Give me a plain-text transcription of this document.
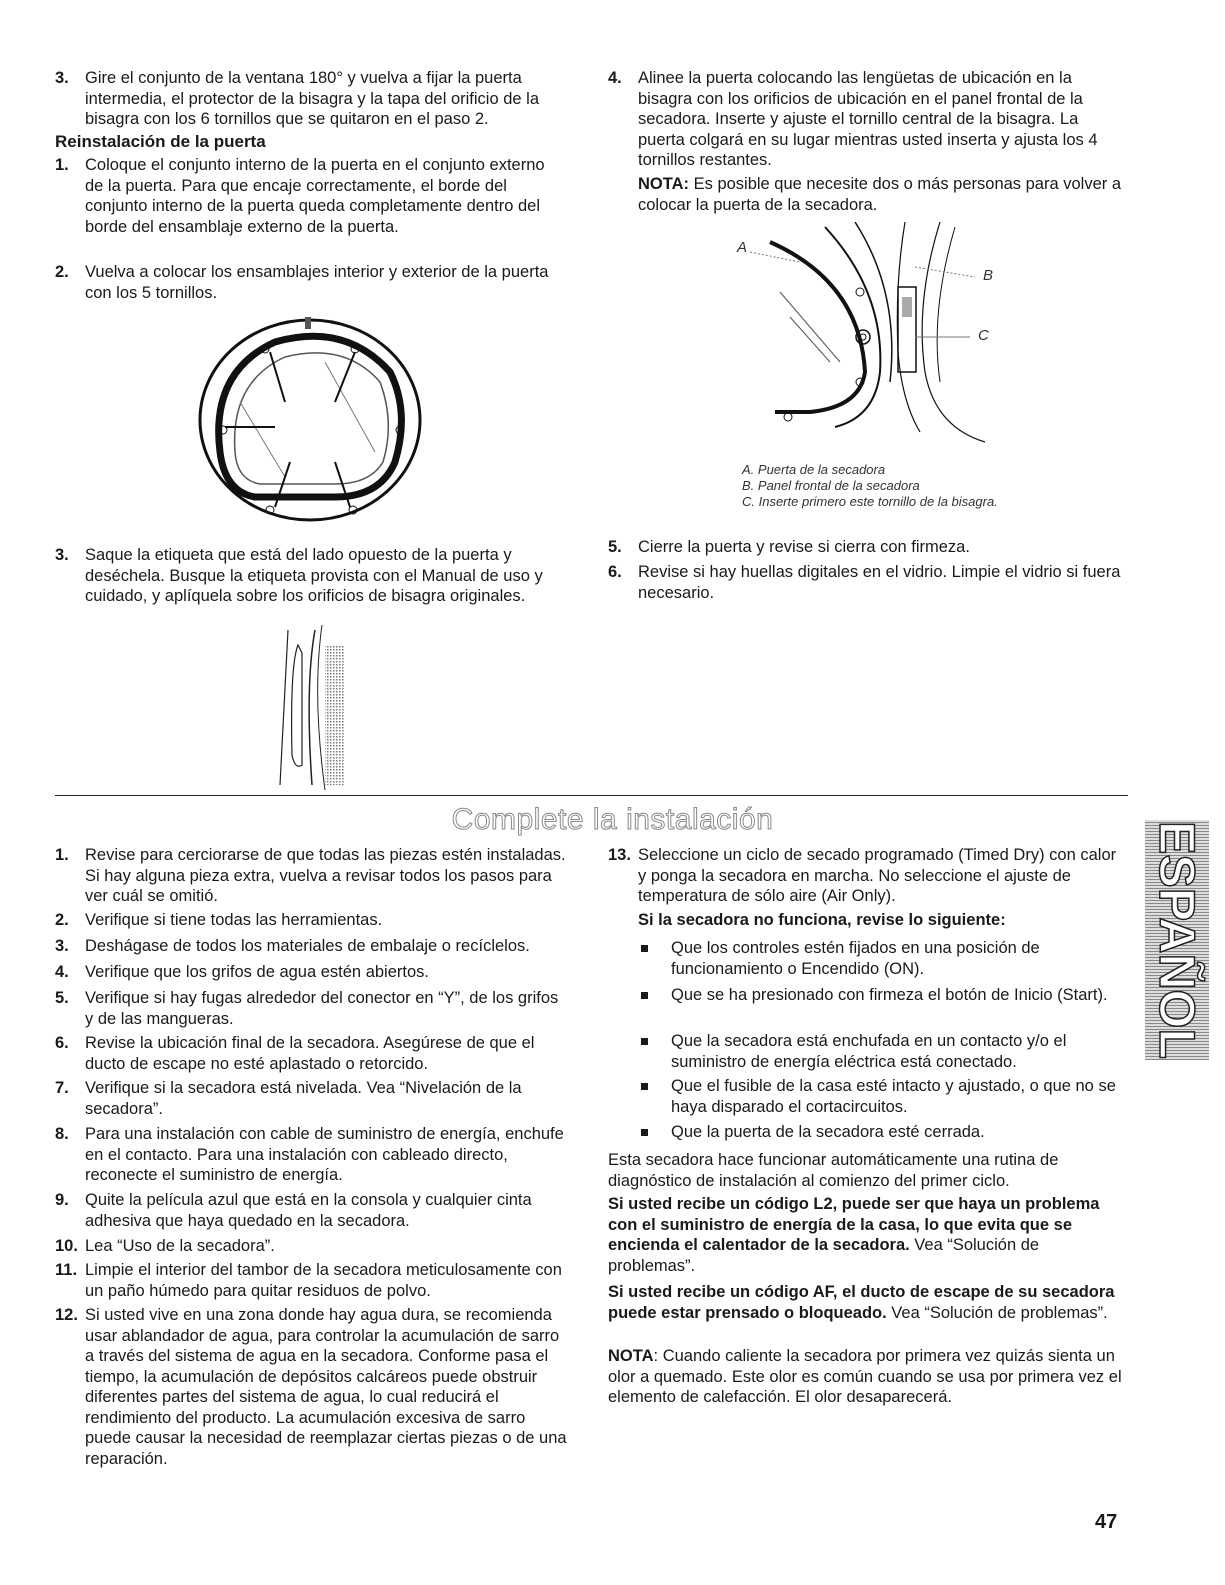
3. Gire el conjunto de la ventana 180° y vuelva a fijar la puerta intermedia, el protector de la bisagra y la tapa del orificio de la bisagra con los 6 tornillos que se quitaron en el paso 2.
Reinstalación de la puerta
1. Coloque el conjunto interno de la puerta en el conjunto externo de la puerta. Para que encaje correctamente, el borde del conjunto interno de la puerta queda completamente dentro del borde del ensamblaje externo de la puerta.
2. Vuelva a colocar los ensamblajes interior y exterior de la puerta con los 5 tornillos.
3. Saque la etiqueta que está del lado opuesto de la puerta y deséchela. Busque la etiqueta provista con el Manual de uso y cuidado, y aplíquela sobre los orificios de bisagra originales.
4. Alinee la puerta colocando las lengüetas de ubicación en la bisagra con los orificios de ubicación en el panel frontal de la secadora. Inserte y ajuste el tornillo central de la bisagra. La puerta colgará en su lugar mientras usted inserta y ajusta los 4 tornillos restantes.
NOTA: Es posible que necesite dos o más personas para volver a colocar la puerta de la secadora.
A
B
C
A. Puerta de la secadora
B. Panel frontal de la secadora
C. Inserte primero este tornillo de la bisagra.
5. Cierre la puerta y revise si cierra con firmeza.
6. Revise si hay huellas digitales en el vidrio. Limpie el vidrio si fuera necesario.
Complete la instalación
ESPAÑOL
1. Revise para cerciorarse de que todas las piezas estén instaladas. Si hay alguna pieza extra, vuelva a revisar todos los pasos para ver cuál se omitió.
2. Verifique si tiene todas las herramientas.
3. Deshágase de todos los materiales de embalaje o recíclelos.
4. Verifique que los grifos de agua estén abiertos.
5. Verifique si hay fugas alrededor del conector en “Y”, de los grifos y de las mangueras.
6. Revise la ubicación final de la secadora. Asegúrese de que el ducto de escape no esté aplastado o retorcido.
7. Verifique si la secadora está nivelada. Vea “Nivelación de la secadora”.
8. Para una instalación con cable de suministro de energía, enchufe en el contacto. Para una instalación con cableado directo, reconecte el suministro de energía.
9. Quite la película azul que está en la consola y cualquier cinta adhesiva que haya quedado en la secadora.
10. Lea “Uso de la secadora”.
11. Limpie el interior del tambor de la secadora meticulosamente con un paño húmedo para quitar residuos de polvo.
12. Si usted vive en una zona donde hay agua dura, se recomienda usar ablandador de agua, para controlar la acumulación de sarro a través del sistema de agua en la secadora. Conforme pasa el tiempo, la acumulación de depósitos calcáreos puede obstruir diferentes partes del sistema de agua, lo cual reducirá el rendimiento del producto. La acumulación excesiva de sarro puede causar la necesidad de reemplazar ciertas piezas o de una reparación.
13. Seleccione un ciclo de secado programado (Timed Dry) con calor y ponga la secadora en marcha. No seleccione el ajuste de temperatura de sólo aire (Air Only).
Si la secadora no funciona, revise lo siguiente:
Que los controles estén fijados en una posición de funcionamiento o Encendido (ON).
Que se ha presionado con firmeza el botón de Inicio (Start).
Que la secadora está enchufada en un contacto y/o el suministro de energía eléctrica está conectado.
Que el fusible de la casa esté intacto y ajustado, o que no se haya disparado el cortacircuitos.
Que la puerta de la secadora esté cerrada.
Esta secadora hace funcionar automáticamente una rutina de diagnóstico de instalación al comienzo del primer ciclo.
Si usted recibe un código L2, puede ser que haya un problema con el suministro de energía de la casa, lo que evita que se encienda el calentador de la secadora. Vea “Solución de problemas”.
Si usted recibe un código AF, el ducto de escape de su secadora puede estar prensado o bloqueado. Vea “Solución de problemas”.
NOTA: Cuando caliente la secadora por primera vez quizás sienta un olor a quemado. Este olor es común cuando se usa por primera vez el elemento de calefacción. El olor desaparecerá.
47
